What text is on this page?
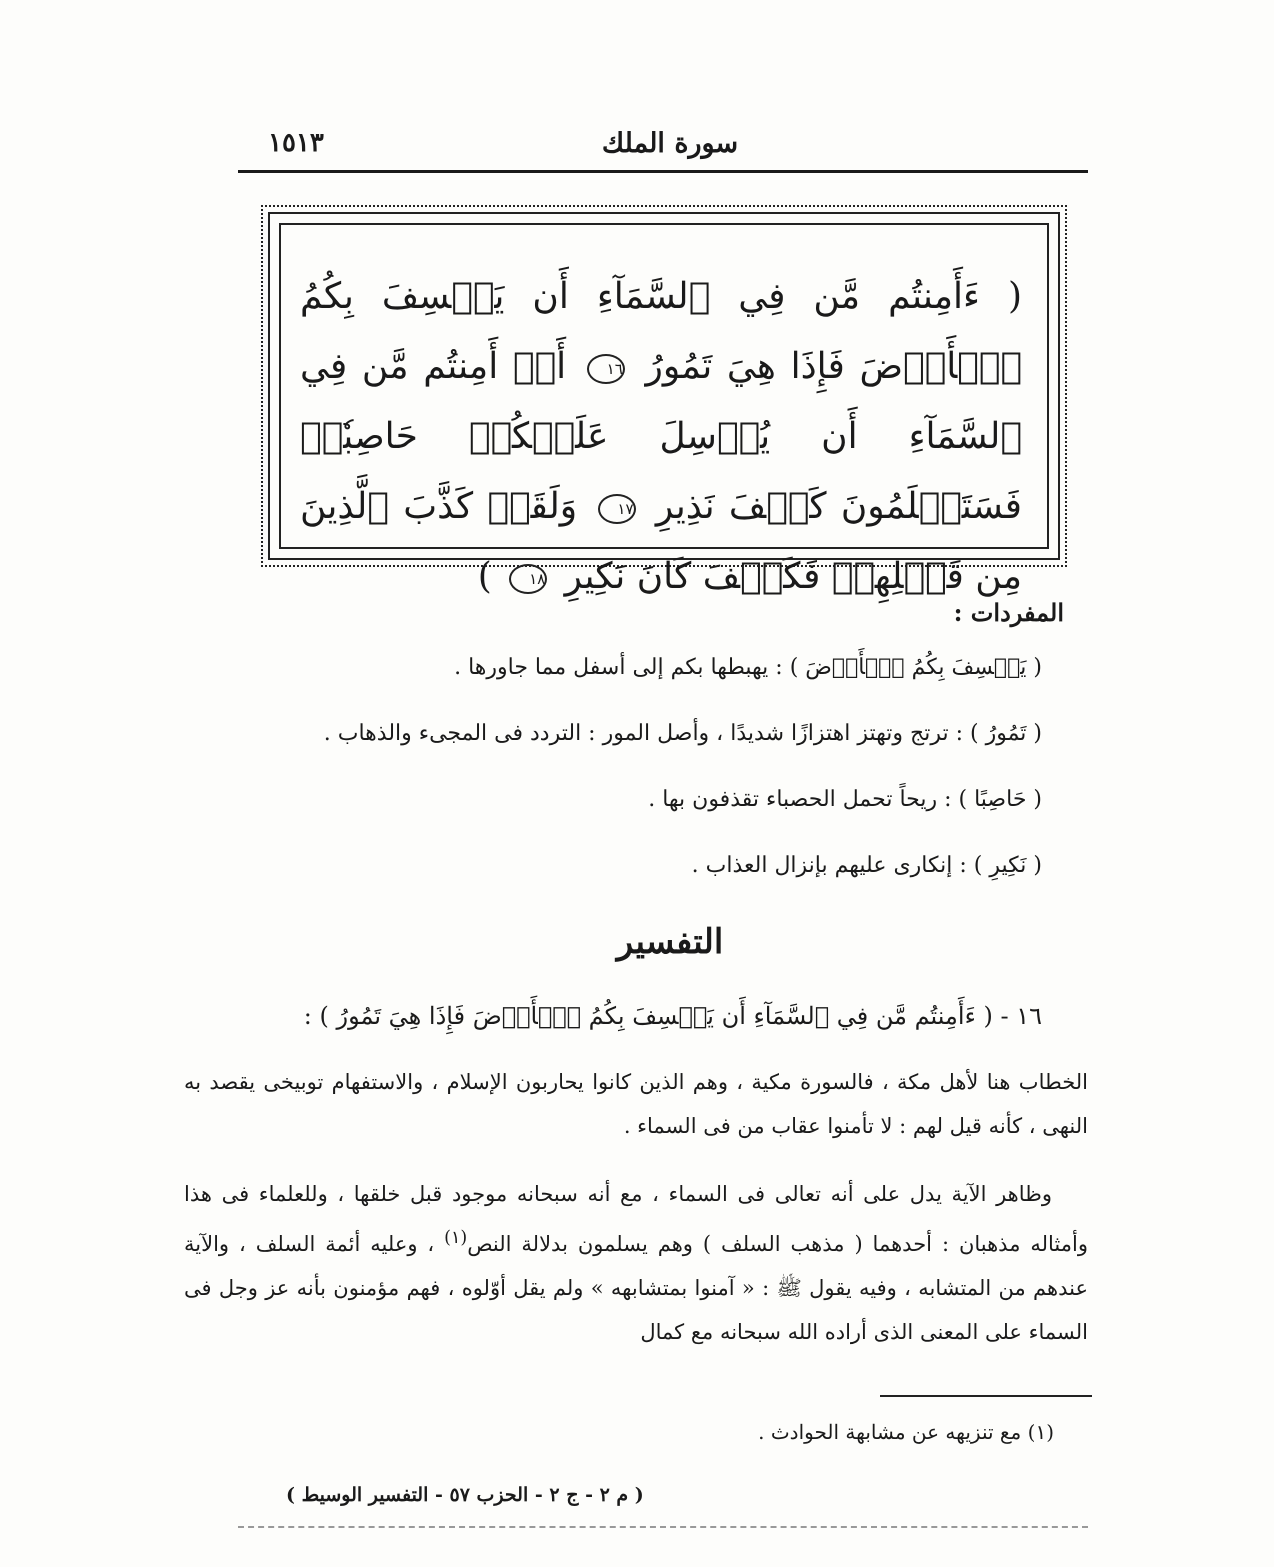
١٥١٣	سورة الملك
( ءَأَمِنتُم مَّن فِي ٱلسَّمَآءِ أَن يَخۡسِفَ بِكُمُ ٱلۡأَرۡضَ فَإِذَا هِيَ تَمُورُ ١٦ أَمۡ أَمِنتُم مَّن فِي ٱلسَّمَآءِ أَن يُرۡسِلَ عَلَيۡكُمۡ حَاصِبٗاۖ فَسَتَعۡلَمُونَ كَيۡفَ نَذِيرِ ١٧ وَلَقَدۡ كَذَّبَ ٱلَّذِينَ مِن قَبۡلِهِمۡ فَكَيۡفَ كَانَ نَكِيرِ ١٨ )
المفردات :
( يَخۡسِفَ بِكُمُ ٱلۡأَرۡضَ ) : يهبطها بكم إلى أسفل مما جاورها .
( تَمُورُ ) : ترتج وتهتز اهتزازًا شديدًا ، وأصل المور : التردد فى المجىء والذهاب .
( حَاصِبًا ) : ريحاً تحمل الحصباء تقذفون بها .
( نَكِيرِ ) : إنكارى عليهم بإنزال العذاب .
التفسير
١٦ - ( ءَأَمِنتُم مَّن فِي ٱلسَّمَآءِ أَن يَخۡسِفَ بِكُمُ ٱلۡأَرۡضَ فَإِذَا هِيَ تَمُورُ ) :
الخطاب هنا لأهل مكة ، فالسورة مكية ، وهم الذين كانوا يحاربون الإسلام ، والاستفهام توبيخى يقصد به النهى ، كأنه قيل لهم : لا تأمنوا عقاب من فى السماء .
وظاهر الآية يدل على أنه تعالى فى السماء ، مع أنه سبحانه موجود قبل خلقها ، وللعلماء فى هذا وأمثاله مذهبان : أحدهما ( مذهب السلف ) وهم يسلمون بدلالة النص$^{(١)}$ ، وعليه أئمة السلف ، والآية عندهم من المتشابه ، وفيه يقول ﷺ : « آمنوا بمتشابهه » ولم يقل أوّلوه ، فهم مؤمنون بأنه عز وجل فى السماء على المعنى الذى أراده الله سبحانه مع كمال
(١) مع تنزيهه عن مشابهة الحوادث .
( م ٢ - ج ٢ - الحزب ٥٧ - التفسير الوسيط )
